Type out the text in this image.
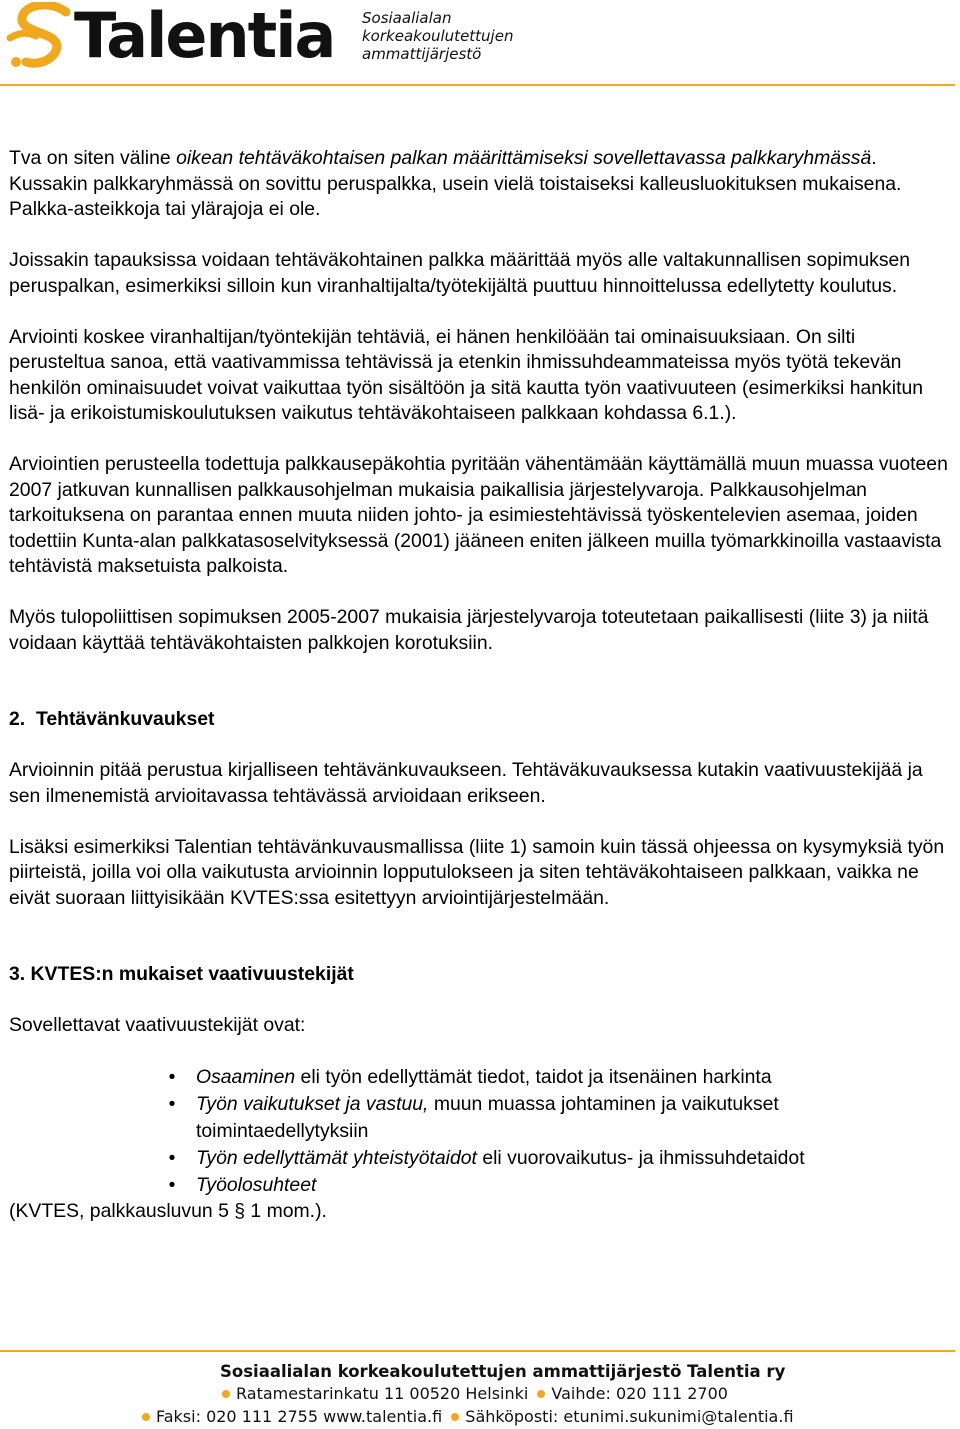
Talentia Sosiaalialan
korkeakoulutettujen
ammattijärjestö

Tva on siten väline oikean tehtäväkohtaisen palkan määrittämiseksi sovellettavassa palkkaryhmässä. Kussakin palkkaryhmässä on sovittu peruspalkka, usein vielä toistaiseksi kalleusluokituksen mukaisena. Palkka-asteikkoja tai ylärajoja ei ole.

Joissakin tapauksissa voidaan tehtäväkohtainen palkka määrittää myös alle valtakunnallisen sopimuksen peruspalkan, esimerkiksi silloin kun viranhaltijalta/työtekijältä puuttuu hinnoittelussa edellytetty koulutus.

Arviointi koskee viranhaltijan/työntekijän tehtäviä, ei hänen henkilöään tai ominaisuuksiaan. On silti perusteltua sanoa, että vaativammissa tehtävissä ja etenkin ihmissuhdeammateissa myös työtä tekevän henkilön ominaisuudet voivat vaikuttaa työn sisältöön ja sitä kautta työn vaativuuteen (esimerkiksi hankitun lisä- ja erikoistumiskoulutuksen vaikutus tehtäväkohtaiseen palkkaan kohdassa 6.1.).

Arviointien perusteella todettuja palkkausepäkohtia pyritään vähentämään käyttämällä muun muassa vuoteen 2007 jatkuvan kunnallisen palkkausohjelman mukaisia paikallisia järjestelyvaroja. Palkkausohjelman tarkoituksena on parantaa ennen muuta niiden johto- ja esimiestehtävissä työskentelevien asemaa, joiden todettiin Kunta-alan palkkatasoselvityksessä (2001) jääneen eniten jälkeen muilla työmarkkinoilla vastaavista tehtävistä maksetuista palkoista.

Myös tulopoliittisen sopimuksen 2005-2007 mukaisia järjestelyvaroja toteutetaan paikallisesti (liite 3) ja niitä voidaan käyttää tehtäväkohtaisten palkkojen korotuksiin.

2.  Tehtävänkuvaukset

Arvioinnin pitää perustua kirjalliseen tehtävänkuvaukseen. Tehtäväkuvauksessa kutakin vaativuustekijää ja sen ilmenemistä arvioitavassa tehtävässä arvioidaan erikseen.

Lisäksi esimerkiksi Talentian tehtävänkuvausmallissa (liite 1) samoin kuin tässä ohjeessa on kysymyksiä työn piirteistä, joilla voi olla vaikutusta arvioinnin lopputulokseen ja siten tehtäväkohtaiseen palkkaan, vaikka ne eivät suoraan liittyisikään KVTES:ssa esitettyyn arviointijärjestelmään.

3. KVTES:n mukaiset vaativuustekijät

Sovellettavat vaativuustekijät ovat:

•	Osaaminen eli työn edellyttämät tiedot, taidot ja itsenäinen harkinta
•	Työn vaikutukset ja vastuu, muun muassa johtaminen ja vaikutukset toimintaedellytyksiin
•	Työn edellyttämät yhteistyötaidot eli vuorovaikutus- ja ihmissuhdetaidot
•	Työolosuhteet

(KVTES, palkkausluvun 5 § 1 mom.).

Sosiaalialan korkeakoulutettujen ammattijärjestö Talentia ry
Ratamestarinkatu 11 00520 Helsinki Vaihde: 020 111 2700
Faksi: 020 111 2755 www.talentia.fi Sähköposti: etunimi.sukunimi@talentia.fi
